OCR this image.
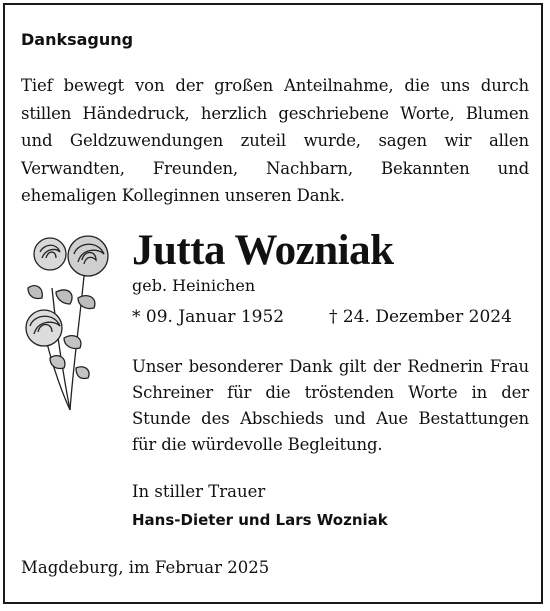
Danksagung
Tief bewegt von der großen Anteilnahme, die uns durch stillen Händedruck, herzlich geschriebene Worte, Blumen und Geldzuwendungen zuteil wurde, sagen wir allen Verwandten, Freunden, Nachbarn, Bekannten und ehemaligen Kolleginnen unseren Dank.
Jutta Wozniak
geb. Heinichen
* 09. Januar 1952	† 24. Dezember 2024
Unser besonderer Dank gilt der Rednerin Frau Schreiner für die tröstenden Worte in der Stunde des Abschieds und Aue Bestattungen für die würdevolle Begleitung.
In stiller Trauer
Hans-Dieter und Lars Wozniak
Magdeburg, im Februar 2025
